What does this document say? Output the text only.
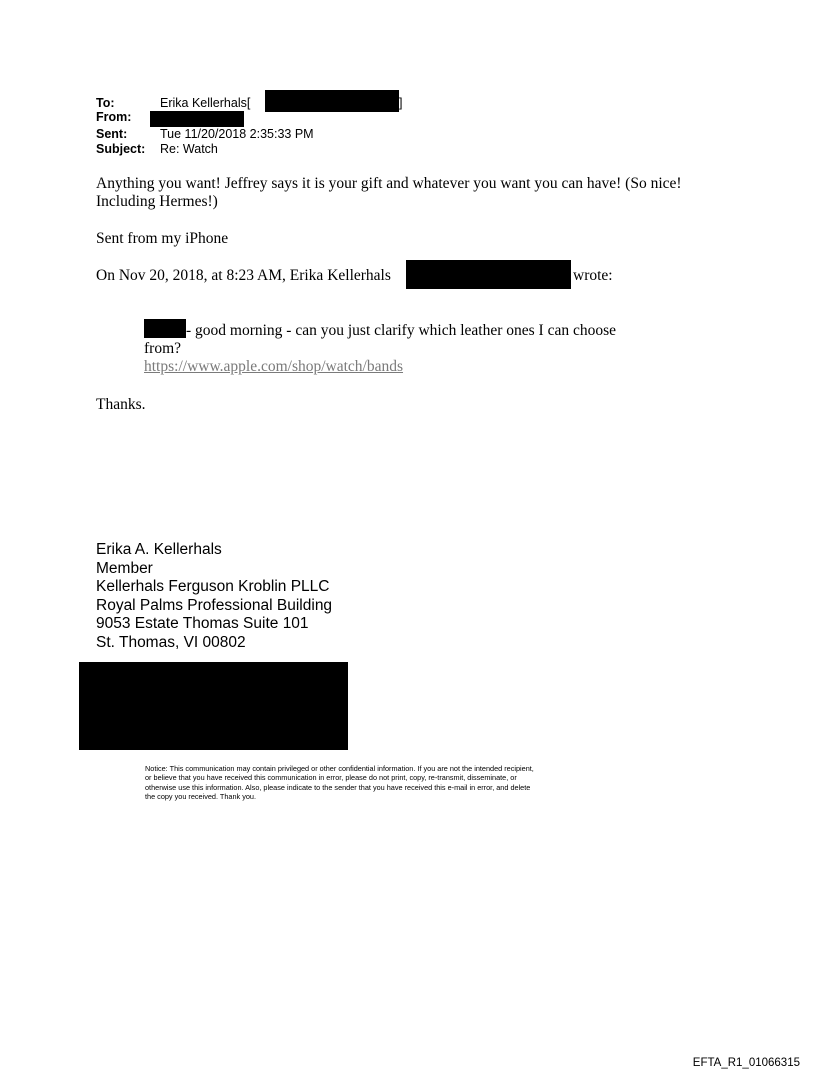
To:	Erika Kellerhals[	]
From:
Sent:	Tue 11/20/2018 2:35:33 PM
Subject: Re: Watch
Anything you want! Jeffrey says it is your gift and whatever you want you can have! (So nice!
Including Hermes!)
Sent from my iPhone
On Nov 20, 2018, at 8:23 AM, Erika Kellerhals	wrote:
- good morning - can you just clarify which leather ones I can choose
from?
https://www.apple.com/shop/watch/bands
Thanks.
Erika A. Kellerhals
Member
Kellerhals Ferguson Kroblin PLLC
Royal Palms Professional Building
9053 Estate Thomas Suite 101
St. Thomas, VI 00802
Notice: This communication may contain privileged or other confidential information. If you are not the intended recipient,
or believe that you have received this communication in error, please do not print, copy, re-transmit, disseminate, or
otherwise use this information. Also, please indicate to the sender that you have received this e-mail in error, and delete
the copy you received. Thank you.
EFTA_R1_01066315
